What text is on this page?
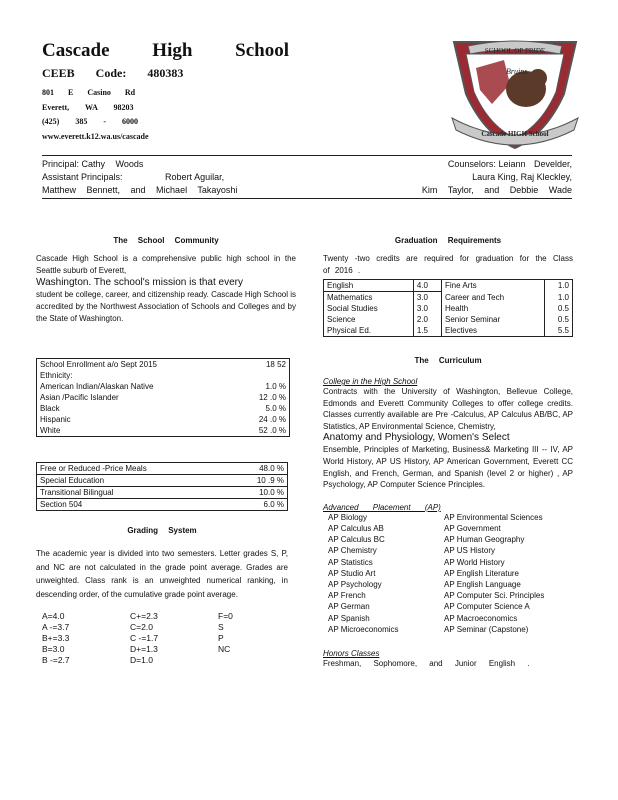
Cascade High School
CEEB Code: 480383
801 E Casino Rd
Everett, WA 98203
(425) 385 - 6000
www.everett.k12.wa.us/cascade
SCHOOL OF PRIDE
Bruins
Cascade HIGH School
Principal: Cathy Woods	Counselors: Leiann Develder,
Assistant Principals:	Robert Aguilar,	Laura King, Raj Kleckley,
Matthew Bennett, and Michael Takayoshi	Kim Taylor, and Debbie Wade
The School Community

Cascade High School is a comprehensive public high school in the Seattle suburb of Everett,

Washington. The school's mission is that every

student be college, career, and citizenship ready. Cascade High School is accredited by the Northwest Association of Schools and Colleges and by the State of Washington.

School Enrollment a/o Sept 2015	18 52
Ethnicity:	
American Indian/Alaskan Native	1.0 %
Asian /Pacific Islander	12 .0 %
Black	5.0 %
Hispanic	24 .0 %
White	52 .0 %
Free or Reduced -Price Meals	48.0 %
Special Education	10 .9 %
Transitional Bilingual	10.0 %
Section 504	6.0 %
Grading System

The academic year is divided into two semesters. Letter grades S, P, and NC are not calculated in the grade point average. Grades are unweighted. Class rank is an unweighted numerical ranking, in descending order, of the cumulative grade point average.

A=4.0	C+=2.3	F=0
A -=3.7	C=2.0	S
B+=3.3	C -=1.7	P
B=3.0	D+=1.3	NC
B -=2.7	D=1.0
Graduation Requirements

Twenty -two credits are required for graduation for the Class of 2016 .

English	4.0	Fine Arts	1.0
Mathematics	3.0	Career and Tech	1.0
Social Studies	3.0	Health	0.5
Science	2.0	Senior Seminar	0.5
Physical Ed.	1.5	Electives	5.5
The Curriculum
College in the High School

Contracts with the University of Washington, Bellevue College, Edmonds and Everett Community Colleges to offer college credits. Classes currently available are Pre -Calculus, AP Calculus AB/BC, AP Statistics, AP Environmental Science, Chemistry,

Anatomy and Physiology, Women's Select

Ensemble, Principles of Marketing, Business& Marketing III -- IV, AP World History, AP US History, AP American Government, Everett CC English, and French, German, and Spanish (level 2 or higher) , AP Psychology, AP Computer Science Principles.

Advanced Placement (AP)
AP Biology	AP Environmental Sciences
AP Calculus AB	AP Government
AP Calculus BC	AP Human Geography
AP Chemistry	AP US History
AP Statistics	AP World History
AP Studio Art	AP English Literature
AP Psychology	AP English Language
AP French	AP Computer Sci. Principles
AP German	AP Computer Science A
AP Spanish	AP Macroeconomics
AP Microeconomics	AP Seminar (Capstone)
Honors Classes

Freshman, Sophomore, and Junior English .
